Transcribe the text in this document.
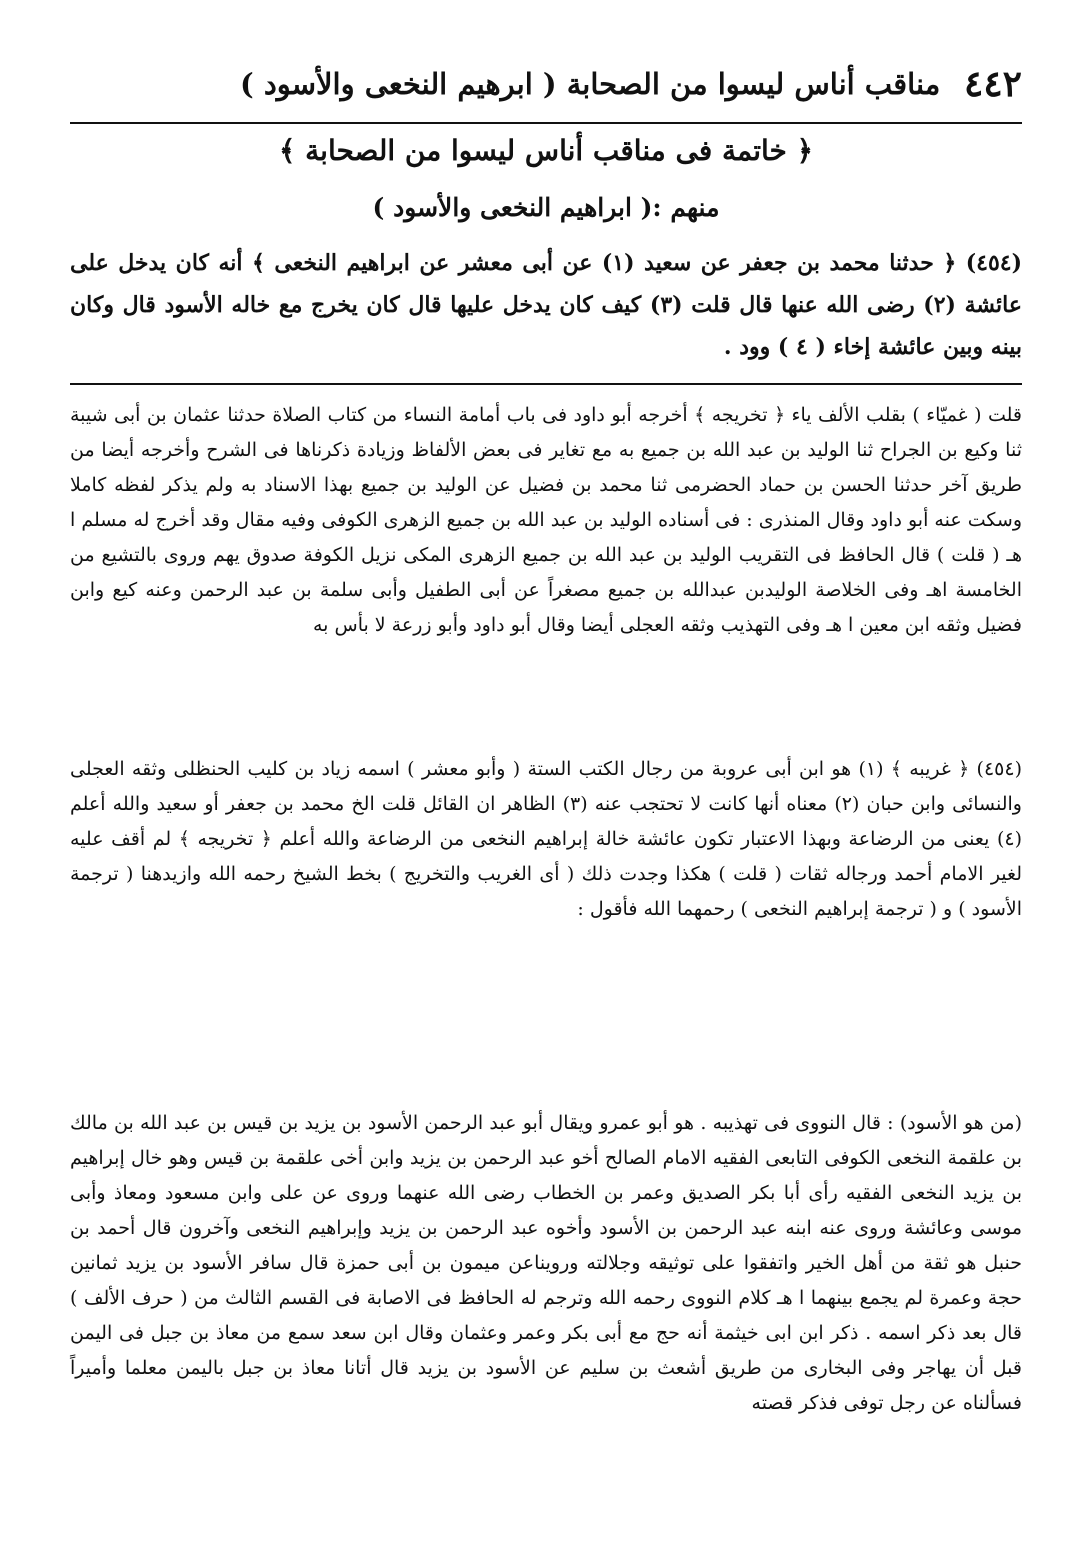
٤٤٢
مناقب أناس ليسوا من الصحابة ( ابرهيم النخعى والأسود )
﴿ خاتمة فى مناقب أناس ليسوا من الصحابة ﴾
منهم :( ابراهيم النخعى والأسود )

(٤٥٤) ﴿ حدثنا محمد بن جعفر عن سعيد (١) عن أبى معشر عن ابراهيم النخعى ﴾ أنه كان يدخل على عائشة (٢) رضى الله عنها قال قلت (٣) كيف كان يدخل عليها قال كان يخرج مع خاله الأسود قال وكان بينه وبين عائشة إخاء ( ٤ ) وود .

قلت ( غميّاء ) بقلب الألف ياء ﴿ تخريجه ﴾ أخرجه أبو داود فى باب أمامة النساء من كتاب الصلاة حدثنا عثمان بن أبى شيبة ثنا وكيع بن الجراح ثنا الوليد بن عبد الله بن جميع به مع تغاير فى بعض الألفاظ وزيادة ذكرناها فى الشرح وأخرجه أيضا من طريق آخر حدثنا الحسن بن حماد الحضرمى ثنا محمد بن فضيل عن الوليد بن جميع بهذا الاسناد به ولم يذكر لفظه كاملا وسكت عنه أبو داود وقال المنذرى : فى أسناده الوليد بن عبد الله بن جميع الزهرى الكوفى وفيه مقال وقد أخرج له مسلم ا هـ ( قلت ) قال الحافظ فى التقريب الوليد بن عبد الله بن جميع الزهرى المكى نزيل الكوفة صدوق يهم وروى بالتشيع من الخامسة اهـ وفى الخلاصة الوليدبن عبدالله بن جميع مصغراً عن أبى الطفيل وأبى سلمة بن عبد الرحمن وعنه كيع وابن فضيل وثقه ابن معين ا هـ وفى التهذيب وثقه العجلى أيضا وقال أبو داود وأبو زرعة لا بأس به

(٤٥٤) ﴿ غريبه ﴾ (١) هو ابن أبى عروبة من رجال الكتب الستة ( وأبو معشر ) اسمه زياد بن كليب الحنظلى وثقه العجلى والنسائى وابن حبان (٢) معناه أنها كانت لا تحتجب عنه (٣) الظاهر ان القائل قلت الخ محمد بن جعفر أو سعيد والله أعلم (٤) يعنى من الرضاعة وبهذا الاعتبار تكون عائشة خالة إبراهيم النخعى من الرضاعة والله أعلم ﴿ تخريجه ﴾ لم أقف عليه لغير الامام أحمد ورجاله ثقات ( قلت ) هكذا وجدت ذلك ( أى الغريب والتخريج ) بخط الشيخ رحمه الله وازيدهنا ( ترجمة الأسود ) و ( ترجمة إبراهيم النخعى ) رحمهما الله فأقول :

(من هو الأسود) : قال النووى فى تهذيبه . هو أبو عمرو ويقال أبو عبد الرحمن الأسود بن يزيد بن قيس بن عبد الله بن مالك بن علقمة النخعى الكوفى التابعى الفقيه الامام الصالح أخو عبد الرحمن بن يزيد وابن أخى علقمة بن قيس وهو خال إبراهيم بن يزيد النخعى الفقيه رأى أبا بكر الصديق وعمر بن الخطاب رضى الله عنهما وروى عن على وابن مسعود ومعاذ وأبى موسى وعائشة وروى عنه ابنه عبد الرحمن بن الأسود وأخوه عبد الرحمن بن يزيد وإبراهيم النخعى وآخرون قال أحمد بن حنبل هو ثقة من أهل الخير واتفقوا على توثيقه وجلالته ورويناعن ميمون بن أبى حمزة قال سافر الأسود بن يزيد ثمانين حجة وعمرة لم يجمع بينهما ا هـ كلام النووى رحمه الله وترجم له الحافظ فى الاصابة فى القسم الثالث من ( حرف الألف ) قال بعد ذكر اسمه . ذكر ابن ابى خيثمة أنه حج مع أبى بكر وعمر وعثمان وقال ابن سعد سمع من معاذ بن جبل فى اليمن قبل أن يهاجر وفى البخارى من طريق أشعث بن سليم عن الأسود بن يزيد قال أتانا معاذ بن جبل باليمن معلما وأميراً فسألناه عن رجل توفى فذكر قصته
